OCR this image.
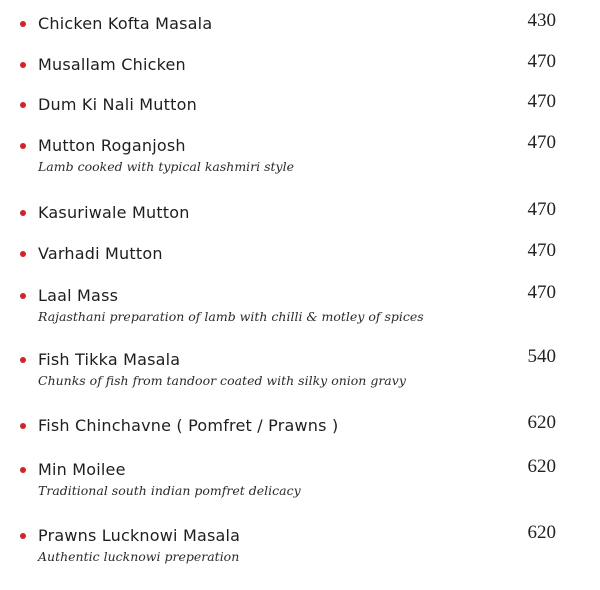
Chicken Kofta Masala	430
Musallam Chicken	470
Dum Ki Nali Mutton	470
Mutton Roganjosh	470
Lamb cooked with typical kashmiri style
Kasuriwale Mutton	470
Varhadi Mutton	470
Laal Mass	470
Rajasthani preparation of lamb with chilli & motley of spices
Fish Tikka Masala	540
Chunks of fish from tandoor coated with silky onion gravy
Fish Chinchavne ( Pomfret / Prawns )	620
Min Moilee	620
Traditional south indian pomfret delicacy
Prawns Lucknowi Masala	620
Authentic lucknowi preperation
